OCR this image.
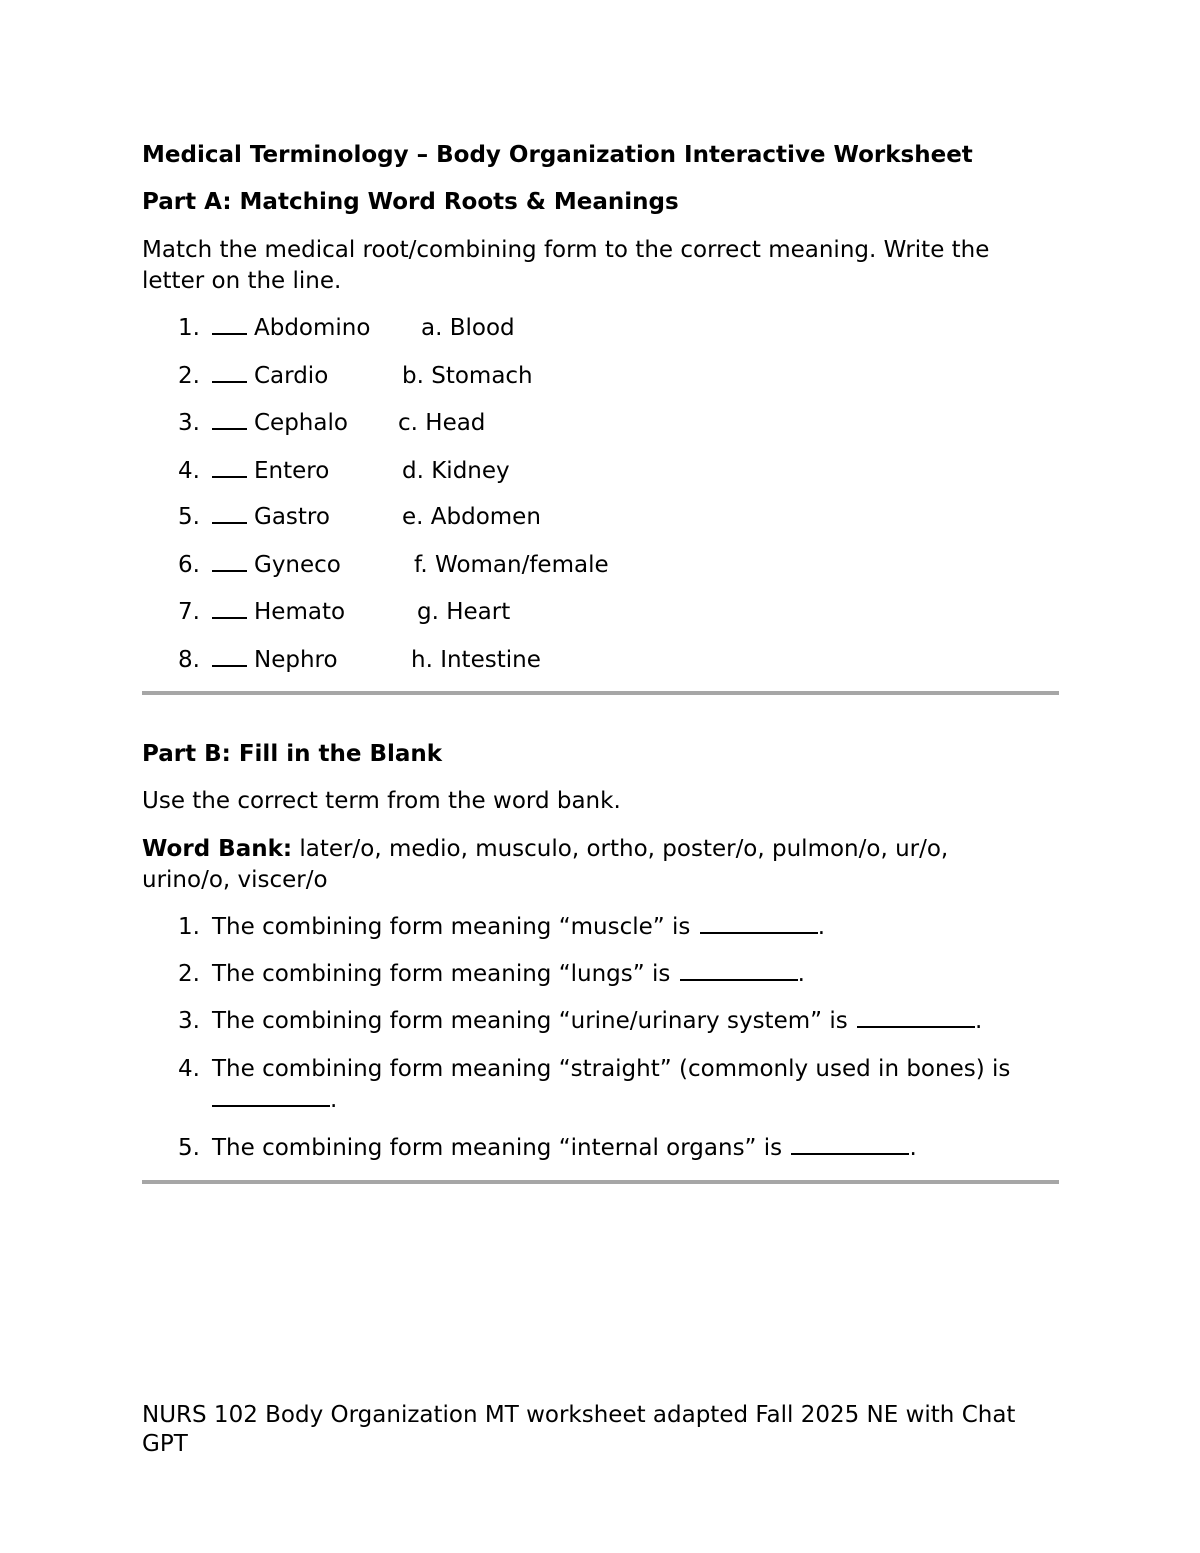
Medical Terminology – Body Organization Interactive Worksheet
Part A: Matching Word Roots & Meanings
Match the medical root/combining form to the correct meaning. Write the
letter on the line.
1. Abdomino a. Blood
2. Cardio	b. Stomach
3. Cephalo c. Head
4. Entero	d. Kidney
5. Gastro	e. Abdomen
6. Gyneco	f. Woman/female
7. Hemato	g. Heart
8. Nephro	h. Intestine
Part B: Fill in the Blank
Use the correct term from the word bank.
Word Bank: later/o, medio, musculo, ortho, poster/o, pulmon/o, ur/o,
urino/o, viscer/o
1. The combining form meaning “muscle” is	.
2. The combining form meaning “lungs” is	.
3. The combining form meaning “urine/urinary system” is	.
4. The combining form meaning “straight” (commonly used in bones) is
.
5. The combining form meaning “internal organs” is	.
NURS 102 Body Organization MT worksheet adapted Fall 2025 NE with Chat
GPT
